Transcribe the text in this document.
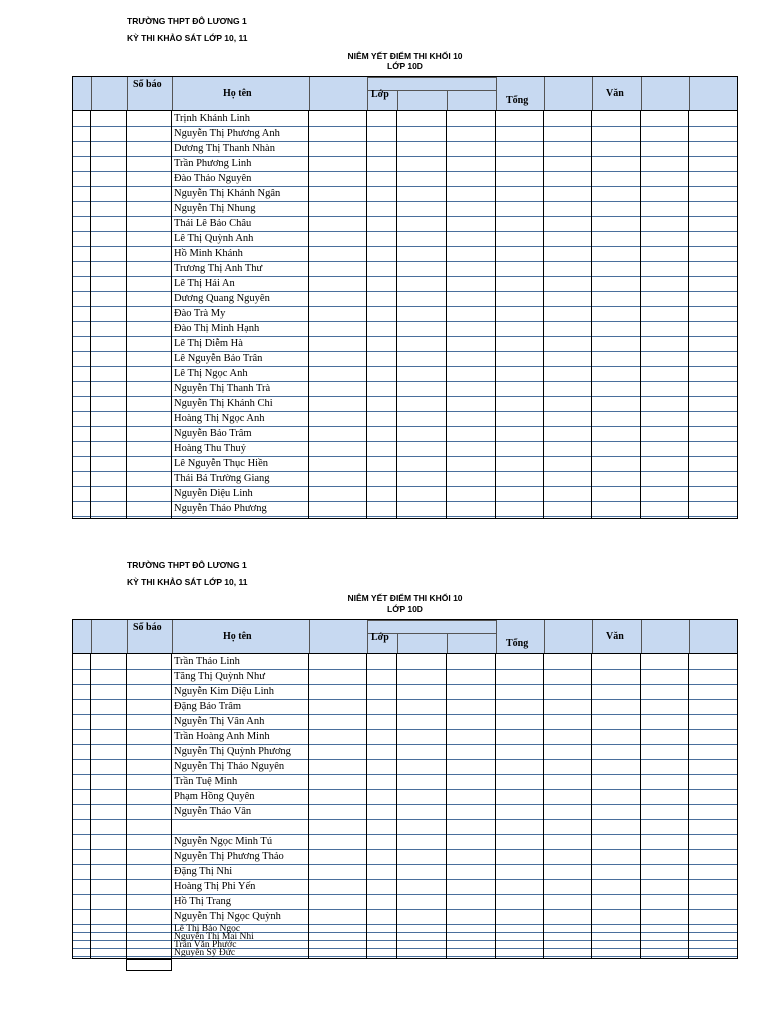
TRƯỜNG THPT ĐÔ LƯƠNG 1
KỲ THI KHẢO SÁT LỚP 10, 11
NIÊM YẾT ĐIỂM THI KHỐI 10
LỚP 10D
Số báo
Họ tên	Lớp
Tổng
Văn
Trịnh Khánh Linh
Nguyễn Thị Phương Anh
Dương Thị Thanh Nhàn
Trần Phương Linh
Đào Thảo Nguyên
Nguyễn Thị Khánh Ngân
Nguyễn Thị Nhung
Thái Lê Bảo Châu
Lê Thị Quỳnh Anh
Hồ Minh Khánh
Trương Thị Anh Thư
Lê Thị Hải An
Dương Quang Nguyên
Đào Trà My
Đào Thị Minh Hạnh
Lê Thị Diễm Hà
Lê Nguyễn Bảo Trân
Lê Thị Ngọc Anh
Nguyễn Thị Thanh Trà
Nguyễn Thị Khánh Chi
Hoàng Thị Ngọc Anh
Nguyễn Bảo Trâm
Hoàng Thu Thuỷ
Lê Nguyễn Thục Hiền
Thái Bá Trường Giang
Nguyễn Diệu Linh
Nguyễn Thảo Phương
TRƯỜNG THPT ĐÔ LƯƠNG 1
KỲ THI KHẢO SÁT LỚP 10, 11
NIÊM YẾT ĐIỂM THI KHỐI 10
LỚP 10D
Số báo
Họ tên	Lớp
Tổng
Văn
Trần Thảo Linh
Tăng Thị Quỳnh Như
Nguyễn Kim Diệu Linh
Đặng Bảo Trâm
Nguyễn Thị Vân Anh
Trần Hoàng Anh Minh
Nguyễn Thị Quỳnh Phương
Nguyễn Thị Thảo Nguyên
Trần Tuệ Minh
Phạm Hồng Quyên
Nguyễn Thảo Vân
Nguyễn Ngọc Minh Tú
Nguyễn Thị Phương Thảo
Đặng Thị Nhi
Hoàng Thị Phi Yến
Hồ Thị Trang
Nguyễn Thị Ngọc Quỳnh
Lê Thị Bảo Ngọc
Nguyễn Thị Mai Nhi
Trần Văn Phước
Nguyễn Sỹ Đức
